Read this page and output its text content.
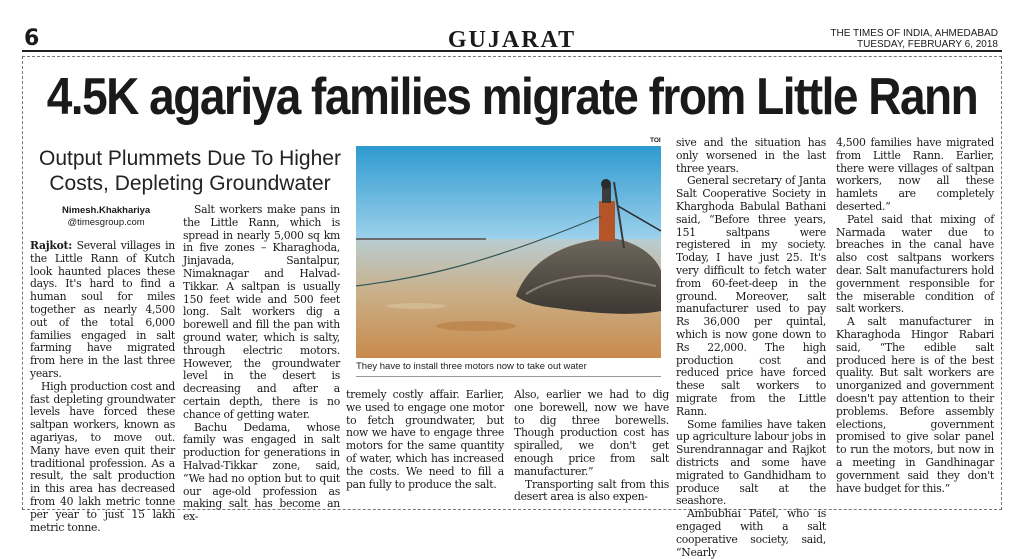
6	GUJARAT	THE TIMES OF INDIA, AHMEDABAD
TUESDAY, FEBRUARY 6, 2018
4.5K agariya families migrate from Little Rann
Output Plummets Due To Higher Costs, Depleting Groundwater
Nimesh.Khakhariya
@timesgroup.com

Rajkot: Several villages in the Little Rann of Kutch look haunted places these days. It's hard to find a human soul for miles together as nearly 4,500 out of the total 6,000 families engaged in salt farming have migrated from here in the last three years.

High production cost and fast depleting groundwater levels have forced these saltpan workers, known as agariyas, to move out. Many have even quit their traditional profession. As a result, the salt production in this area has decreased from 40 lakh metric tonne per year to just 15 lakh metric tonne.

Salt workers make pans in the Little Rann, which is spread in nearly 5,000 sq km in five zones – Kharaghoda, Jinjavada, Santalpur, Nimaknagar and Halvad-Tikkar. A saltpan is usually 150 feet wide and 500 feet long. Salt workers dig a borewell and fill the pan with ground water, which is salty, through electric motors. However, the groundwater level in the desert is decreasing and after a certain depth, there is no chance of getting water.

Bachu Dedama, whose family was engaged in salt production for generations in Halvad-Tikkar zone, said, “We had no option but to quit our age-old profession as making salt has become an ex-

TOI
They have to install three motors now to take out water

tremely costly affair. Earlier, we used to engage one motor to fetch groundwater, but now we have to engage three motors for the same quantity of water, which has increased the costs. We need to fill a pan fully to produce the salt.

Also, earlier we had to dig one borewell, now we have to dig three borewells. Though production cost has spiralled, we don't get enough price from salt manufacturer.”

Transporting salt from this desert area is also expen-

sive and the situation has only worsened in the last three years.

General secretary of Janta Salt Cooperative Society in Kharghoda Babulal Bathani said, “Before three years, 151 saltpans were registered in my society. Today, I have just 25. It's very difficult to fetch water from 60-feet-deep in the ground. Moreover, salt manufacturer used to pay Rs 36,000 per quintal, which is now gone down to Rs 22,000. The high production cost and reduced price have forced these salt workers to migrate from the Little Rann.

Some families have taken up agriculture labour jobs in Surendrannagar and Rajkot districts and some have migrated to Gandhidham to produce salt at the seashore.

Ambubhai Patel, who is engaged with a salt cooperative society, said, “Nearly

4,500 families have migrated from Little Rann. Earlier, there were villages of saltpan workers, now all these hamlets are completely deserted.”

Patel said that mixing of Narmada water due to breaches in the canal have also cost saltpans workers dear. Salt manufacturers hold government responsible for the miserable condition of salt workers.

A salt manufacturer in Kharaghoda Hingor Rabari said, “The edible salt produced here is of the best quality. But salt workers are unorganized and government doesn't pay attention to their problems. Before assembly elections, government promised to give solar panel to run the motors, but now in a meeting in Gandhinagar government said they don't have budget for this.”
